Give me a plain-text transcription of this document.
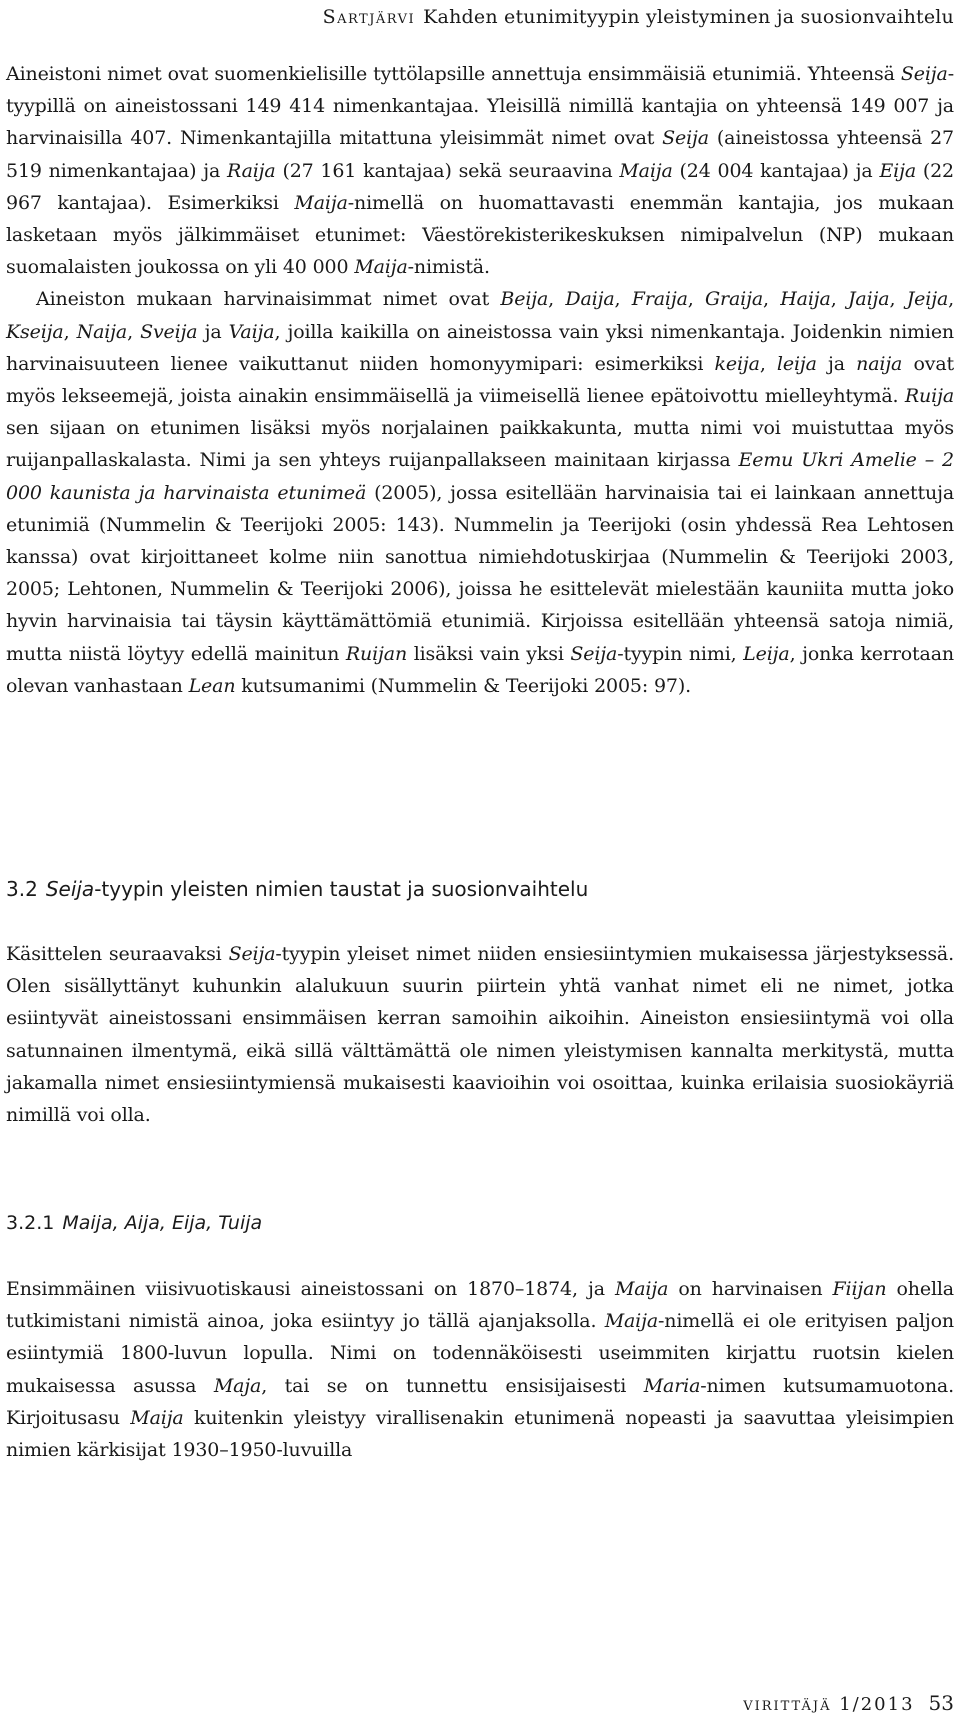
Sartjärvi Kahden etunimityypin yleistyminen ja suosionvaihtelu

Aineistoni nimet ovat suomenkielisille tyttölapsille annettuja ensimmäisiä etunimiä. Yhteensä Seija-tyypillä on aineistossani 149 414 nimenkantajaa. Yleisillä nimillä kantajia on yhteensä 149 007 ja harvinaisilla 407. Nimenkantajilla mitattuna yleisimmät nimet ovat Seija (aineistossa yhteensä 27 519 nimenkantajaa) ja Raija (27 161 kantajaa) sekä seuraavina Maija (24 004 kantajaa) ja Eija (22 967 kantajaa). Esimerkiksi Maija-nimellä on huomattavasti enemmän kantajia, jos mukaan lasketaan myös jälkimmäiset etunimet: Väestörekisterikeskuksen nimipalvelun (NP) mukaan suomalaisten joukossa on yli 40 000 Maija-nimistä.

Aineiston mukaan harvinaisimmat nimet ovat Beija, Daija, Fraija, Graija, Haija, Jaija, Jeija, Kseija, Naija, Sveija ja Vaija, joilla kaikilla on aineistossa vain yksi nimenkantaja. Joidenkin nimien harvinaisuuteen lienee vaikuttanut niiden homonyymipari: esimerkiksi keija, leija ja naija ovat myös lekseemejä, joista ainakin ensimmäisellä ja viimeisellä lienee epätoivottu mielleyhtymä. Ruija sen sijaan on etunimen lisäksi myös norjalainen paikkakunta, mutta nimi voi muistuttaa myös ruijanpallaskalasta. Nimi ja sen yhteys ruijanpallakseen mainitaan kirjassa Eemu Ukri Amelie – 2 000 kaunista ja harvinaista etunimeä (2005), jossa esitellään harvinaisia tai ei lainkaan annettuja etunimiä (Nummelin & Teerijoki 2005: 143). Nummelin ja Teerijoki (osin yhdessä Rea Lehtosen kanssa) ovat kirjoittaneet kolme niin sanottua nimiehdotuskirjaa (Nummelin & Teerijoki 2003, 2005; Lehtonen, Nummelin & Teerijoki 2006), joissa he esittelevät mielestään kauniita mutta joko hyvin harvinaisia tai täysin käyttämättömiä etunimiä. Kirjoissa esitellään yhteensä satoja nimiä, mutta niistä löytyy edellä mainitun Ruijan lisäksi vain yksi Seija-tyypin nimi, Leija, jonka kerrotaan olevan vanhastaan Lean kutsumanimi (Nummelin & Teerijoki 2005: 97).

3.2 Seija-tyypin yleisten nimien taustat ja suosionvaihtelu

Käsittelen seuraavaksi Seija-tyypin yleiset nimet niiden ensiesiintymien mukaisessa järjestyksessä. Olen sisällyttänyt kuhunkin alalukuun suurin piirtein yhtä vanhat nimet eli ne nimet, jotka esiintyvät aineistossani ensimmäisen kerran samoihin aikoihin. Aineiston ensiesiintymä voi olla satunnainen ilmentymä, eikä sillä välttämättä ole nimen yleistymisen kannalta merkitystä, mutta jakamalla nimet ensiesiintymiensä mukaisesti kaavioihin voi osoittaa, kuinka erilaisia suosiokäyriä nimillä voi olla.

3.2.1 Maija, Aija, Eija, Tuija

Ensimmäinen viisivuotiskausi aineistossani on 1870–1874, ja Maija on harvinaisen Fiijan ohella tutkimistani nimistä ainoa, joka esiintyy jo tällä ajanjaksolla. Maija-nimellä ei ole erityisen paljon esiintymiä 1800-luvun lopulla. Nimi on todennäköisesti useimmiten kirjattu ruotsin kielen mukaisessa asussa Maja, tai se on tunnettu ensisijaisesti Maria-nimen kutsumamuotona. Kirjoitusasu Maija kuitenkin yleistyy virallisenakin etunimenä nopeasti ja saavuttaa yleisimpien nimien kärkisijat 1930–1950-luvuilla

virittäjä 1/2013 53
